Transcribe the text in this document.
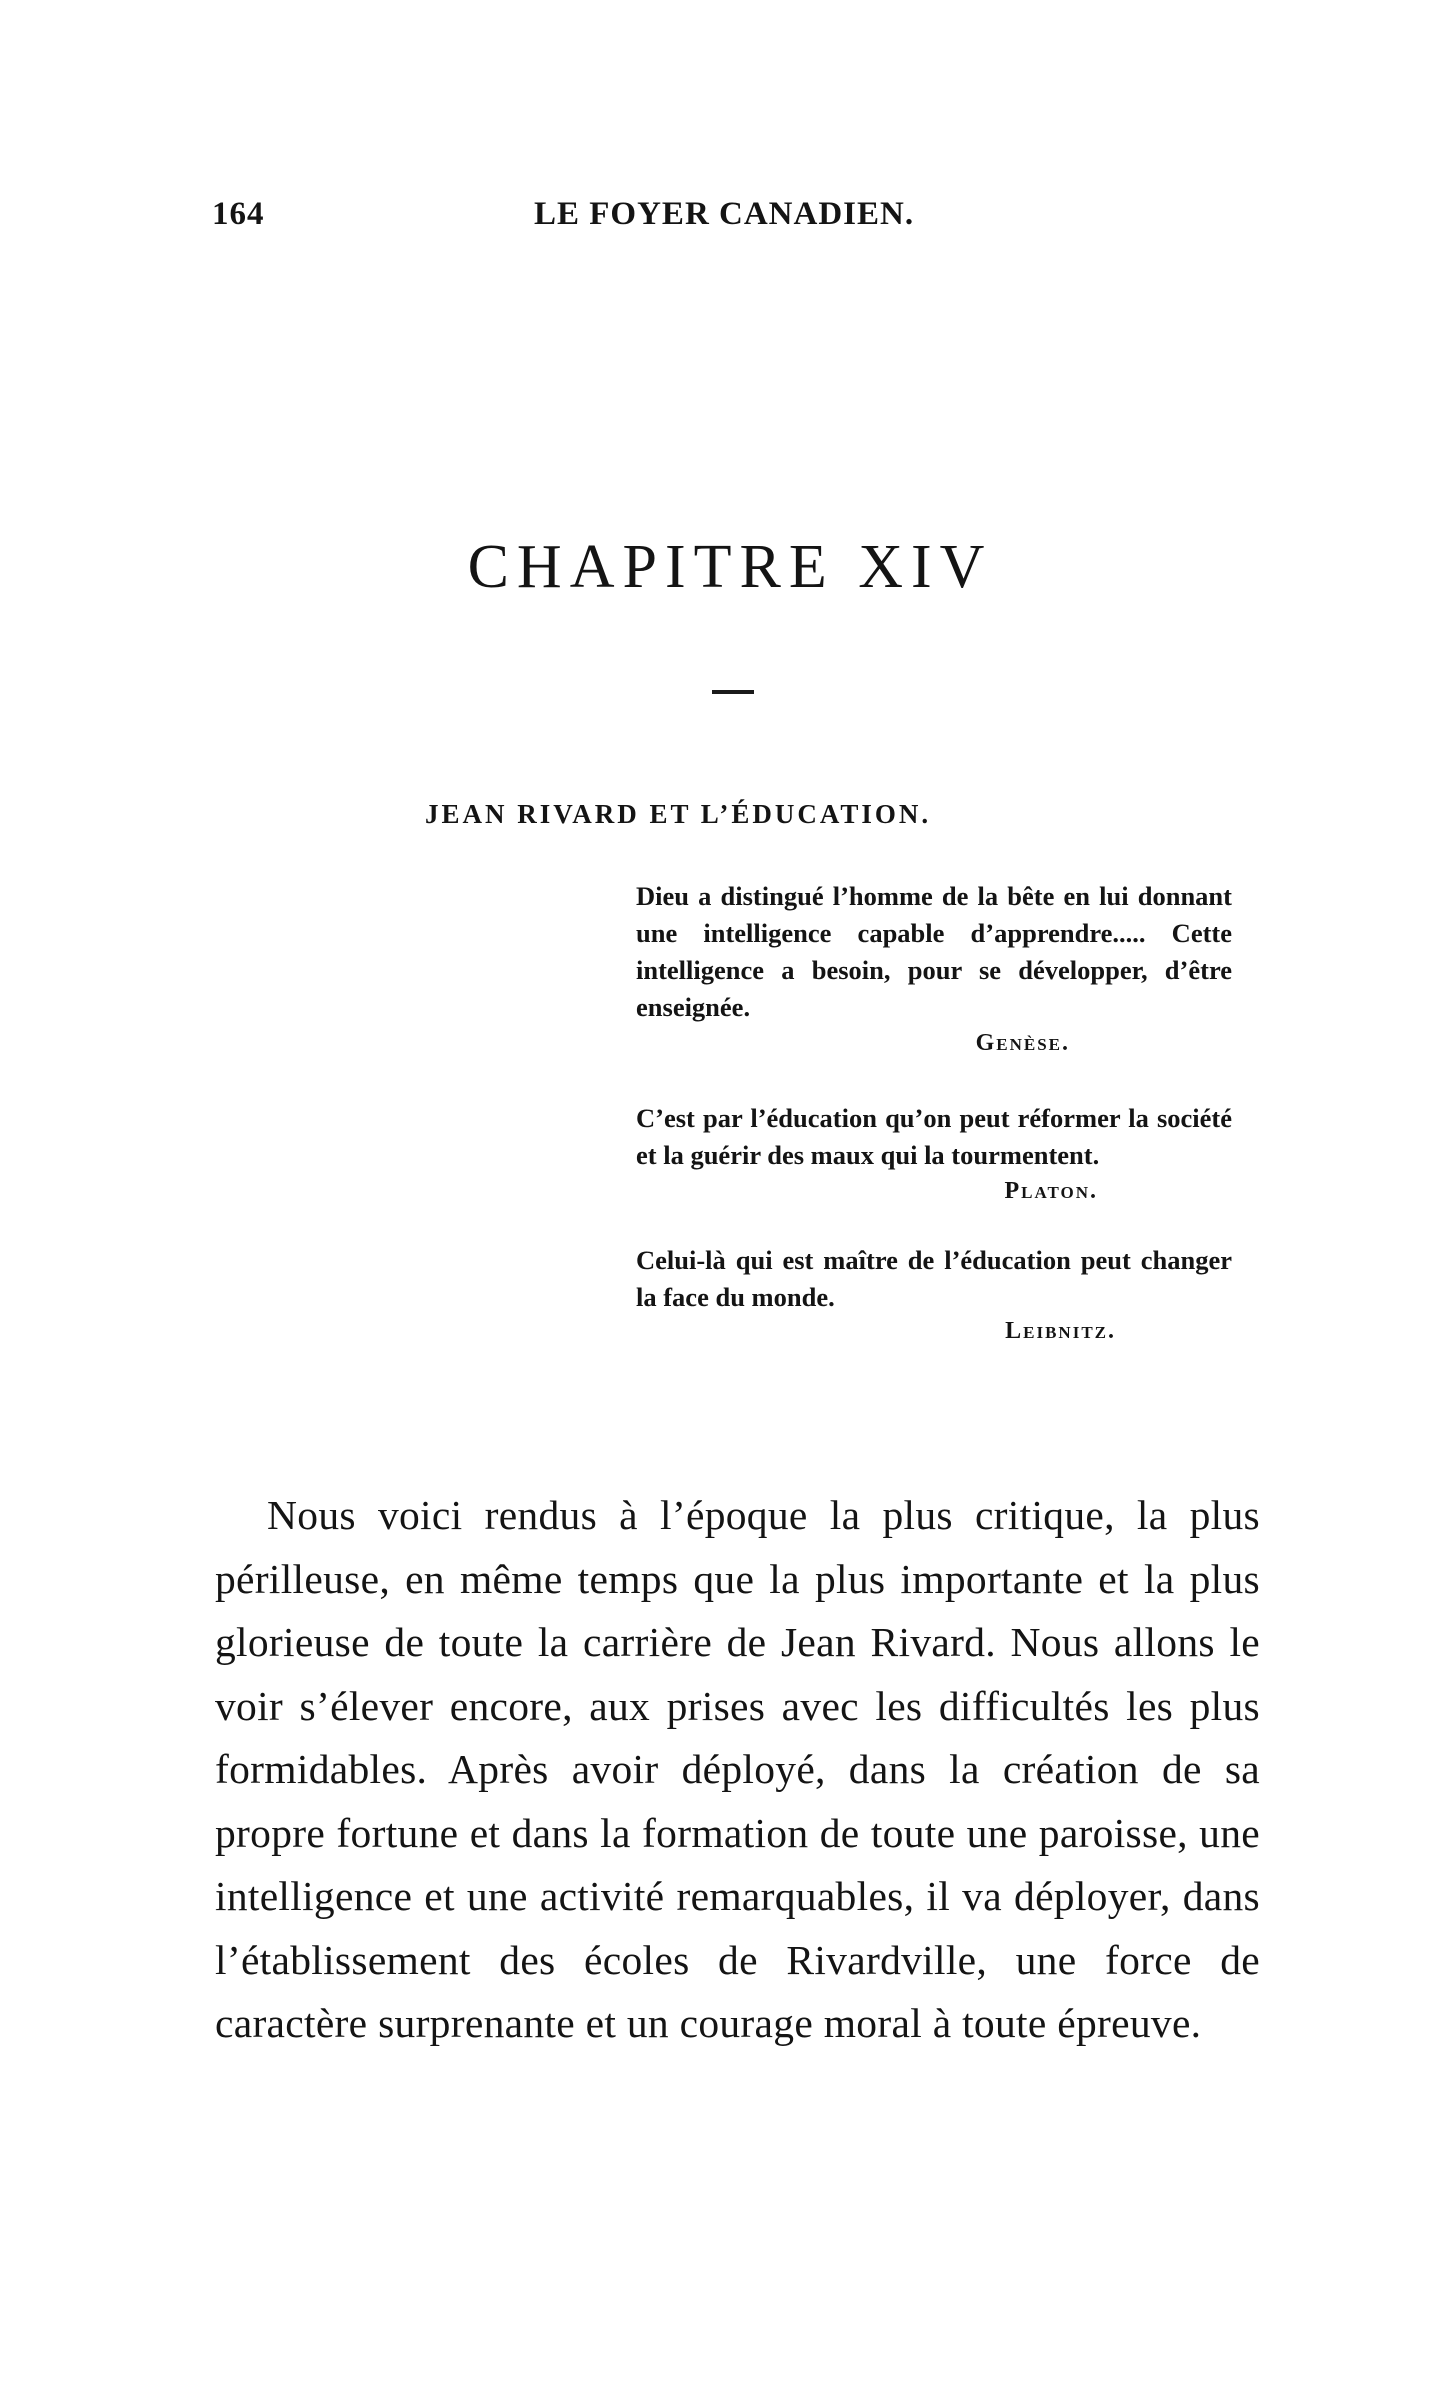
164	LE FOYER CANADIEN.
CHAPITRE XIV
JEAN RIVARD ET L’ÉDUCATION.
Dieu a distingué l’homme de la bête en lui donnant une intelligence capable d’apprendre..... Cette intelligence a besoin, pour se développer, d’être enseignée.
Genèse.
C’est par l’éducation qu’on peut réformer la société et la guérir des maux qui la tourmentent.
Platon.
Celui-là qui est maître de l’éducation peut changer la face du monde.
Leibnitz.
Nous voici rendus à l’époque la plus critique, la plus périlleuse, en même temps que la plus importante et la plus glorieuse de toute la carrière de Jean Rivard. Nous allons le voir s’élever encore, aux prises avec les difficultés les plus formidables. Après avoir déployé, dans la création de sa propre fortune et dans la formation de toute une paroisse, une intelligence et une activité remarquables, il va déployer, dans l’établissement des écoles de Rivardville, une force de caractère surprenante et un courage moral à toute épreuve.
